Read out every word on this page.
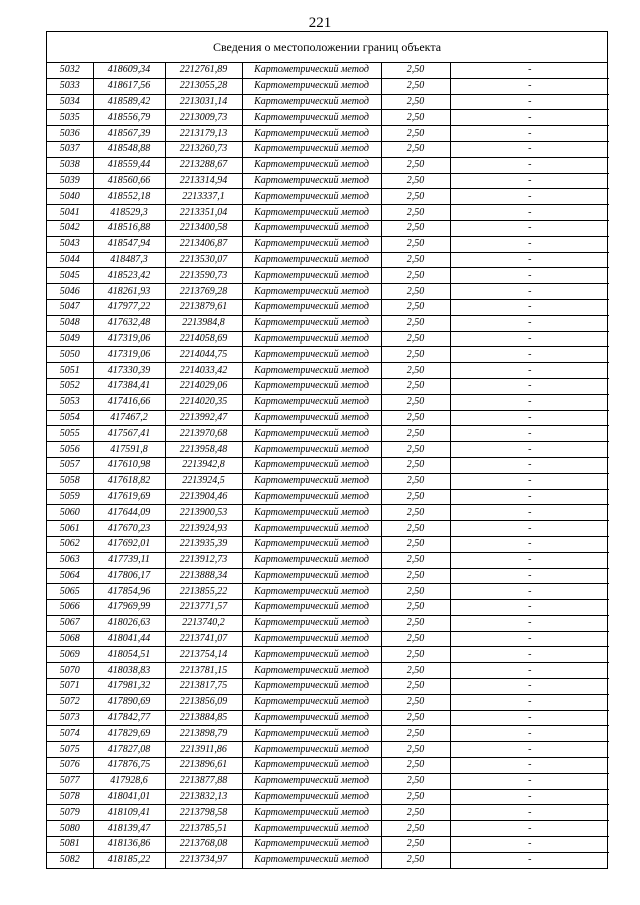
221
Сведения о местоположении границ объекта
5032	418609,34	2212761,89	Картометрический метод	2,50	-
5033	418617,56	2213055,28	Картометрический метод	2,50	-
5034	418589,42	2213031,14	Картометрический метод	2,50	-
5035	418556,79	2213009,73	Картометрический метод	2,50	-
5036	418567,39	2213179,13	Картометрический метод	2,50	-
5037	418548,88	2213260,73	Картометрический метод	2,50	-
5038	418559,44	2213288,67	Картометрический метод	2,50	-
5039	418560,66	2213314,94	Картометрический метод	2,50	-
5040	418552,18	2213337,1	Картометрический метод	2,50	-
5041	418529,3	2213351,04	Картометрический метод	2,50	-
5042	418516,88	2213400,58	Картометрический метод	2,50	-
5043	418547,94	2213406,87	Картометрический метод	2,50	-
5044	418487,3	2213530,07	Картометрический метод	2,50	-
5045	418523,42	2213590,73	Картометрический метод	2,50	-
5046	418261,93	2213769,28	Картометрический метод	2,50	-
5047	417977,22	2213879,61	Картометрический метод	2,50	-
5048	417632,48	2213984,8	Картометрический метод	2,50	-
5049	417319,06	2214058,69	Картометрический метод	2,50	-
5050	417319,06	2214044,75	Картометрический метод	2,50	-
5051	417330,39	2214033,42	Картометрический метод	2,50	-
5052	417384,41	2214029,06	Картометрический метод	2,50	-
5053	417416,66	2214020,35	Картометрический метод	2,50	-
5054	417467,2	2213992,47	Картометрический метод	2,50	-
5055	417567,41	2213970,68	Картометрический метод	2,50	-
5056	417591,8	2213958,48	Картометрический метод	2,50	-
5057	417610,98	2213942,8	Картометрический метод	2,50	-
5058	417618,82	2213924,5	Картометрический метод	2,50	-
5059	417619,69	2213904,46	Картометрический метод	2,50	-
5060	417644,09	2213900,53	Картометрический метод	2,50	-
5061	417670,23	2213924,93	Картометрический метод	2,50	-
5062	417692,01	2213935,39	Картометрический метод	2,50	-
5063	417739,11	2213912,73	Картометрический метод	2,50	-
5064	417806,17	2213888,34	Картометрический метод	2,50	-
5065	417854,96	2213855,22	Картометрический метод	2,50	-
5066	417969,99	2213771,57	Картометрический метод	2,50	-
5067	418026,63	2213740,2	Картометрический метод	2,50	-
5068	418041,44	2213741,07	Картометрический метод	2,50	-
5069	418054,51	2213754,14	Картометрический метод	2,50	-
5070	418038,83	2213781,15	Картометрический метод	2,50	-
5071	417981,32	2213817,75	Картометрический метод	2,50	-
5072	417890,69	2213856,09	Картометрический метод	2,50	-
5073	417842,77	2213884,85	Картометрический метод	2,50	-
5074	417829,69	2213898,79	Картометрический метод	2,50	-
5075	417827,08	2213911,86	Картометрический метод	2,50	-
5076	417876,75	2213896,61	Картометрический метод	2,50	-
5077	417928,6	2213877,88	Картометрический метод	2,50	-
5078	418041,01	2213832,13	Картометрический метод	2,50	-
5079	418109,41	2213798,58	Картометрический метод	2,50	-
5080	418139,47	2213785,51	Картометрический метод	2,50	-
5081	418136,86	2213768,08	Картометрический метод	2,50	-
5082	418185,22	2213734,97	Картометрический метод	2,50	-
